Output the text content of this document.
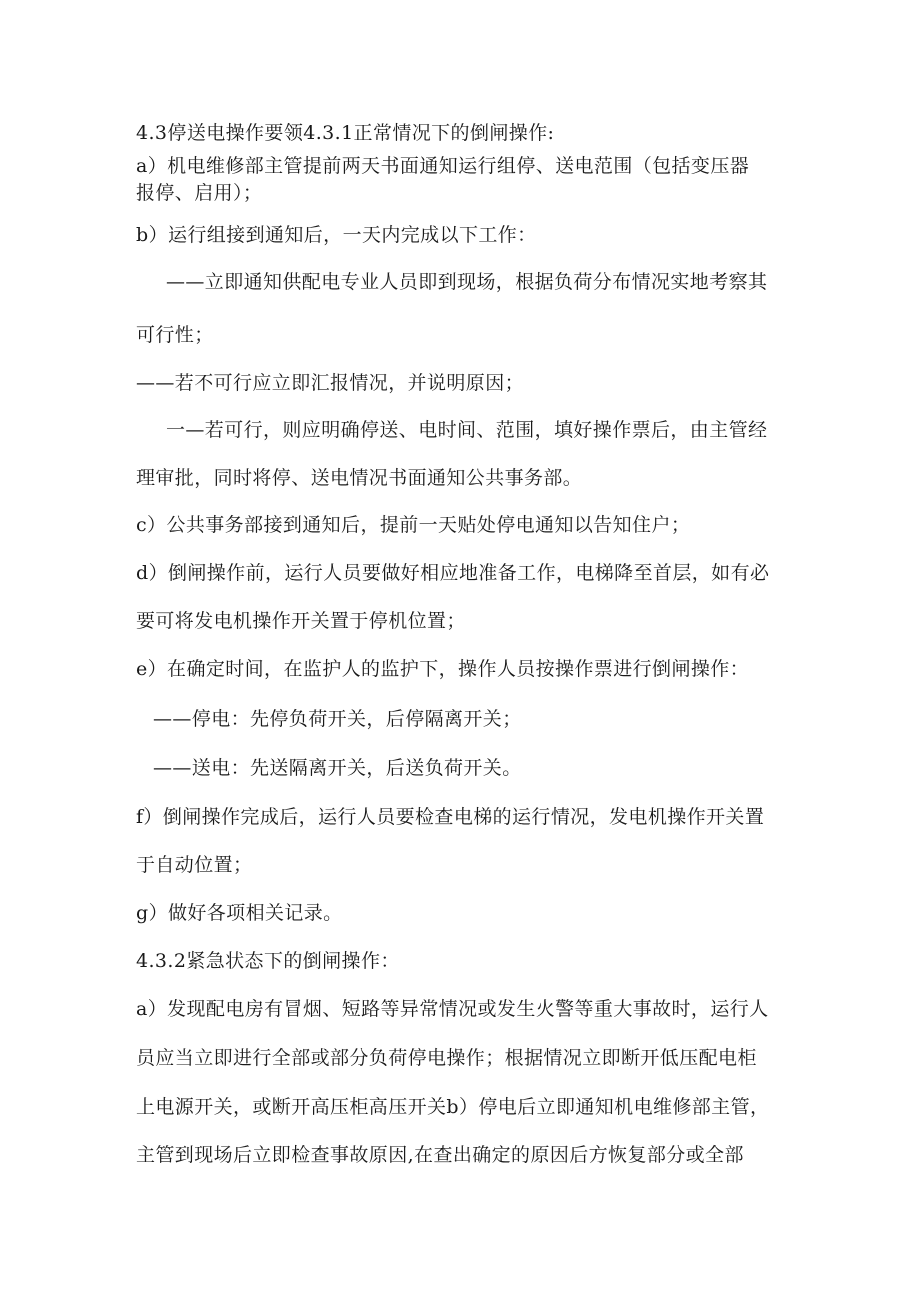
4.3停送电操作要领4.3.1正常情况下的倒闸操作:
a）机电维修部主管提前两天书面通知运行组停、送电范围（包括变压器
报停、启用）；
b）运行组接到通知后，一天内完成以下工作：
——立即通知供配电专业人员即到现场，根据负荷分布情况实地考察其
可行性；
——若不可行应立即汇报情况，并说明原因；
一—若可行，则应明确停送、电时间、范围，填好操作票后，由主管经
理审批，同时将停、送电情况书面通知公共事务部。
c）公共事务部接到通知后，提前一天贴处停电通知以告知住户；
d）倒闸操作前，运行人员要做好相应地准备工作，电梯降至首层，如有必
要可将发电机操作开关置于停机位置；
e）在确定时间，在监护人的监护下，操作人员按操作票进行倒闸操作：
——停电：先停负荷开关，后停隔离开关；
——送电：先送隔离开关，后送负荷开关。
f）倒闸操作完成后，运行人员要检查电梯的运行情况，发电机操作开关置
于自动位置；
g）做好各项相关记录。
4.3.2紧急状态下的倒闸操作：
a）发现配电房有冒烟、短路等异常情况或发生火警等重大事故时，运行人
员应当立即进行全部或部分负荷停电操作；根据情况立即断开低压配电柜
上电源开关，或断开高压柜高压开关b）停电后立即通知机电维修部主管，
主管到现场后立即检查事故原因,在查出确定的原因后方恢复部分或全部
